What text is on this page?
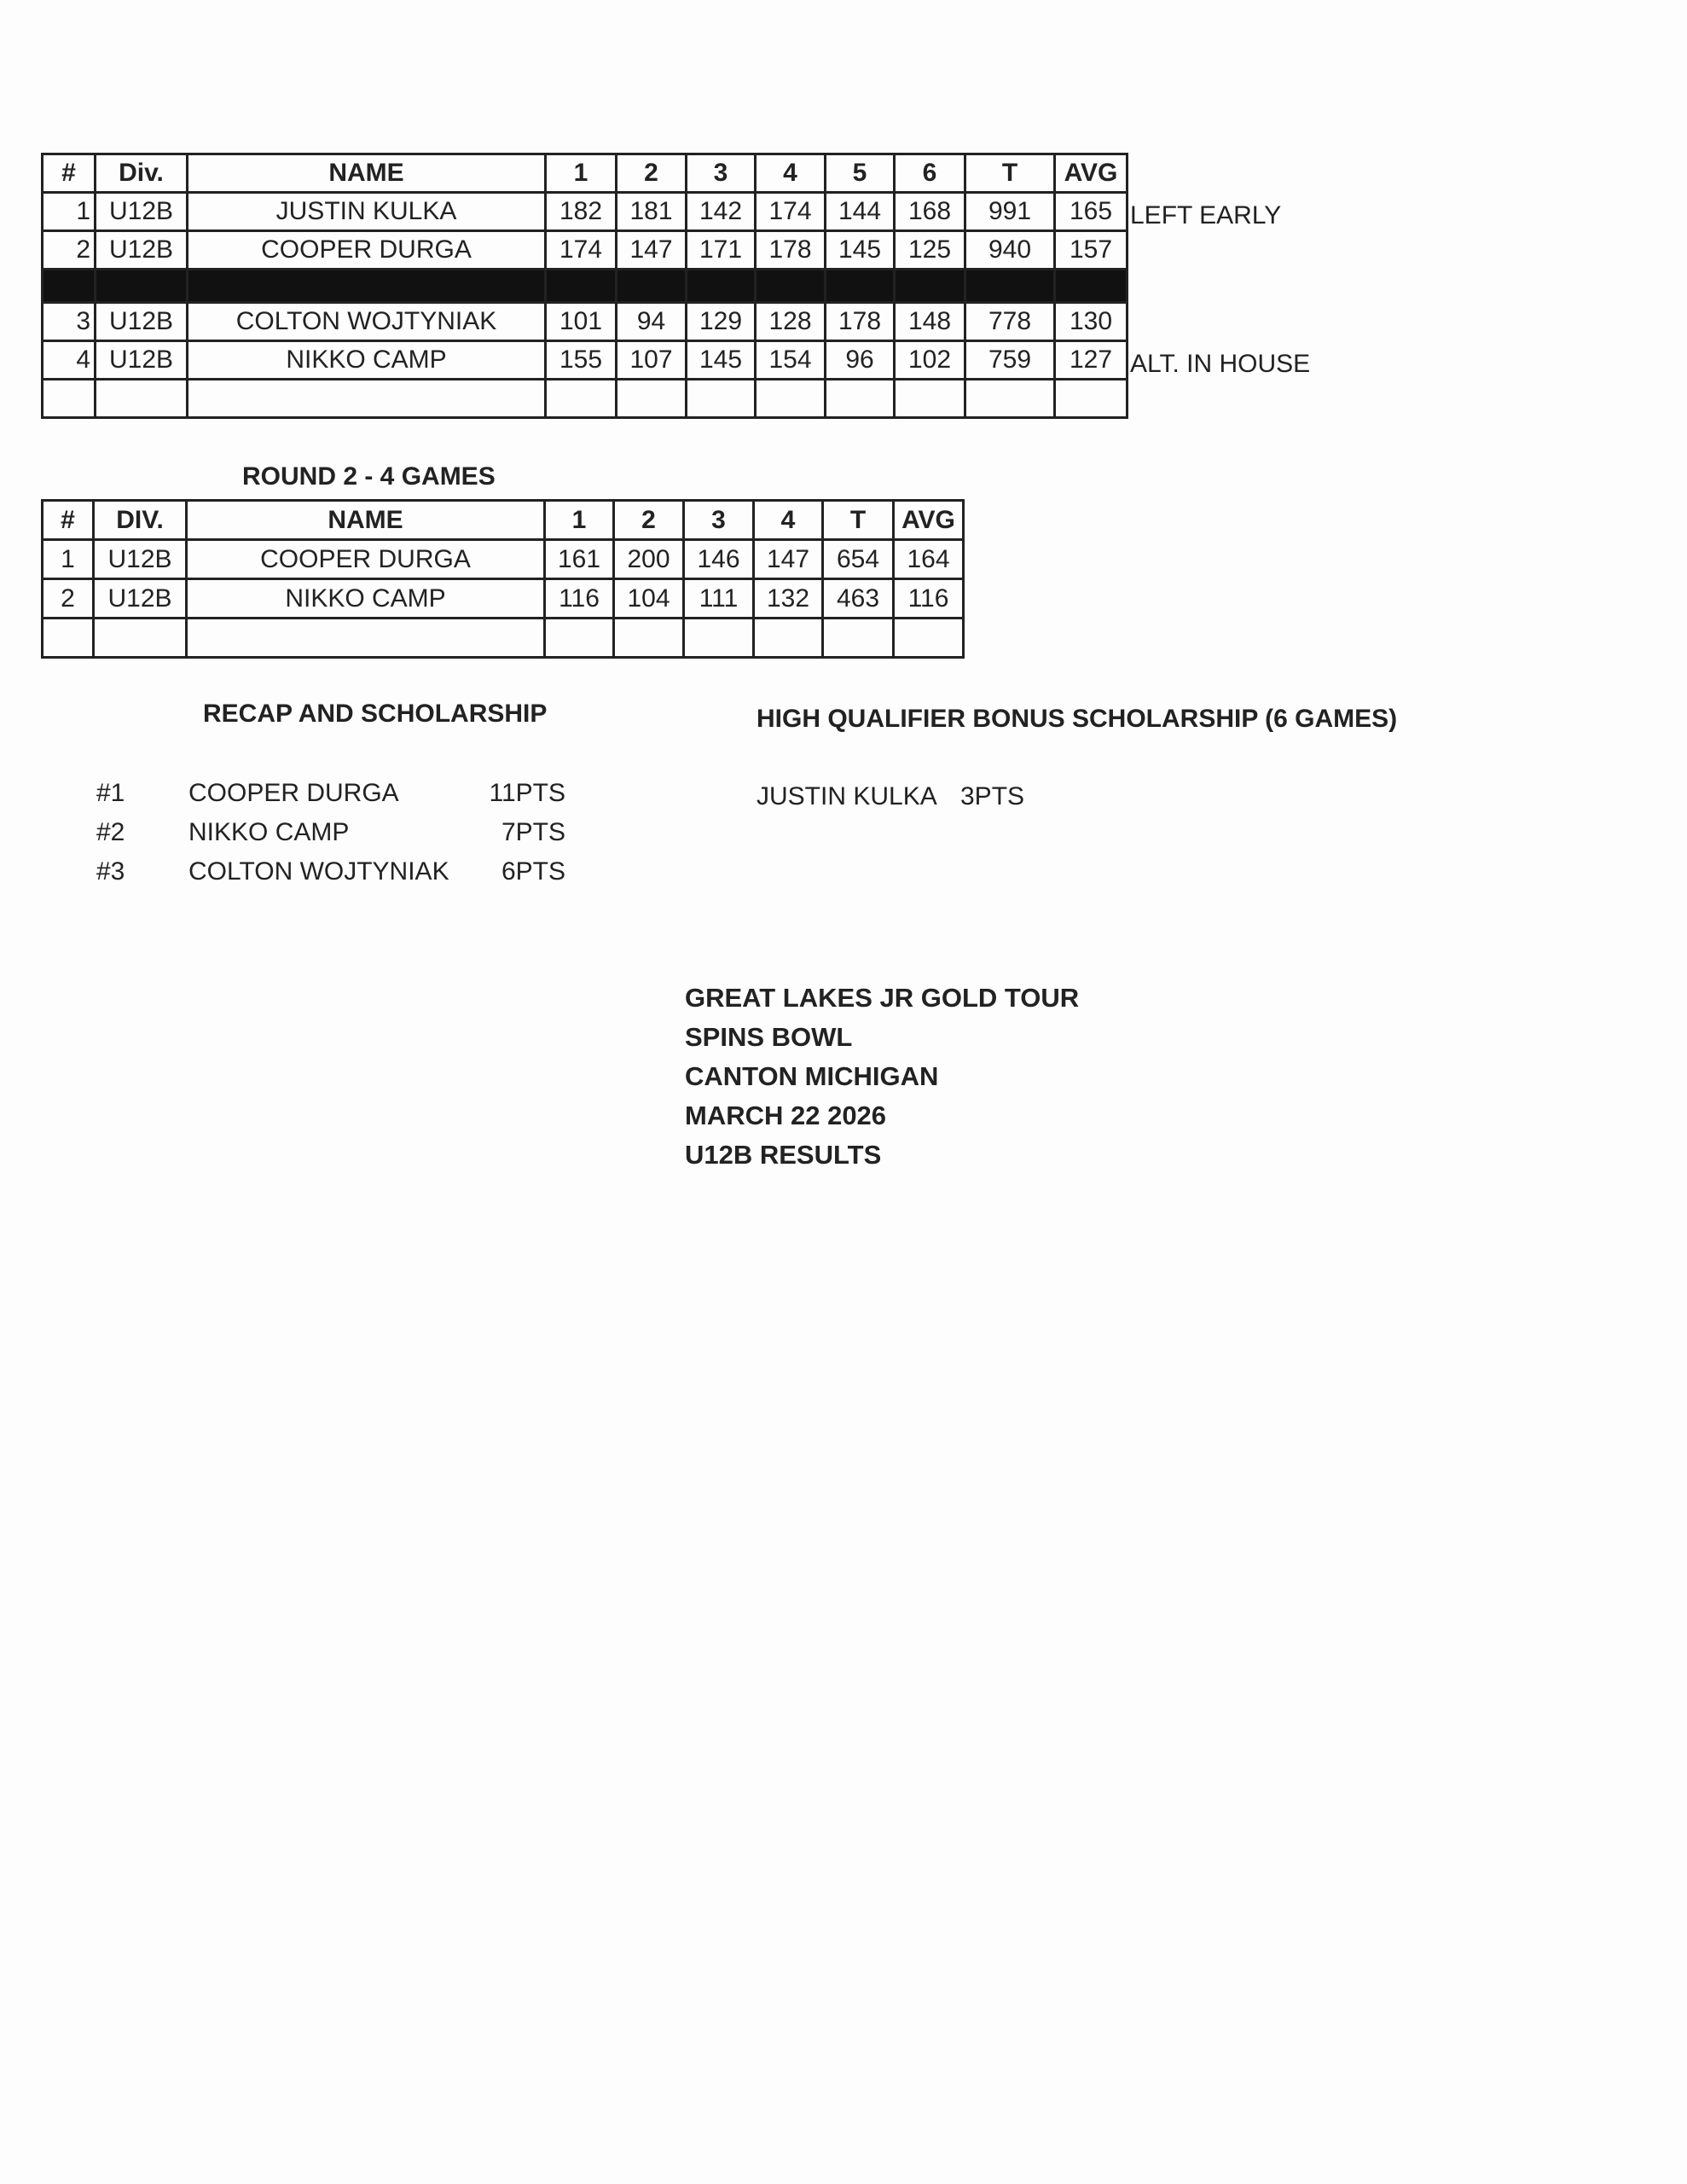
#	Div.	NAME	1	2	3	4	5	6	T	AVG
1	U12B	JUSTIN KULKA	182	181	142	174	144	168	991	165
2	U12B	COOPER DURGA	174	147	171	178	145	125	940	157

3	U12B	COLTON WOJTYNIAK	101	94	129	128	178	148	778	130
4	U12B	NIKKO CAMP	155	107	145	154	96	102	759	127

LEFT EARLY
ALT. IN HOUSE
ROUND 2 - 4 GAMES
#	DIV.	NAME	1	2	3	4	T	AVG
1	U12B	COOPER DURGA	161	200	146	147	654	164
2	U12B	NIKKO CAMP	116	104	111	132	463	116

RECAP AND SCHOLARSHIP
#1 COOPER DURGA	11PTS
#2 NIKKO CAMP	7PTS
#3 COLTON WOJTYNIAK	6PTS
HIGH QUALIFIER BONUS SCHOLARSHIP (6 GAMES)
JUSTIN KULKA 3PTS
GREAT LAKES JR GOLD TOUR
SPINS BOWL
CANTON MICHIGAN
MARCH 22 2026
U12B RESULTS
